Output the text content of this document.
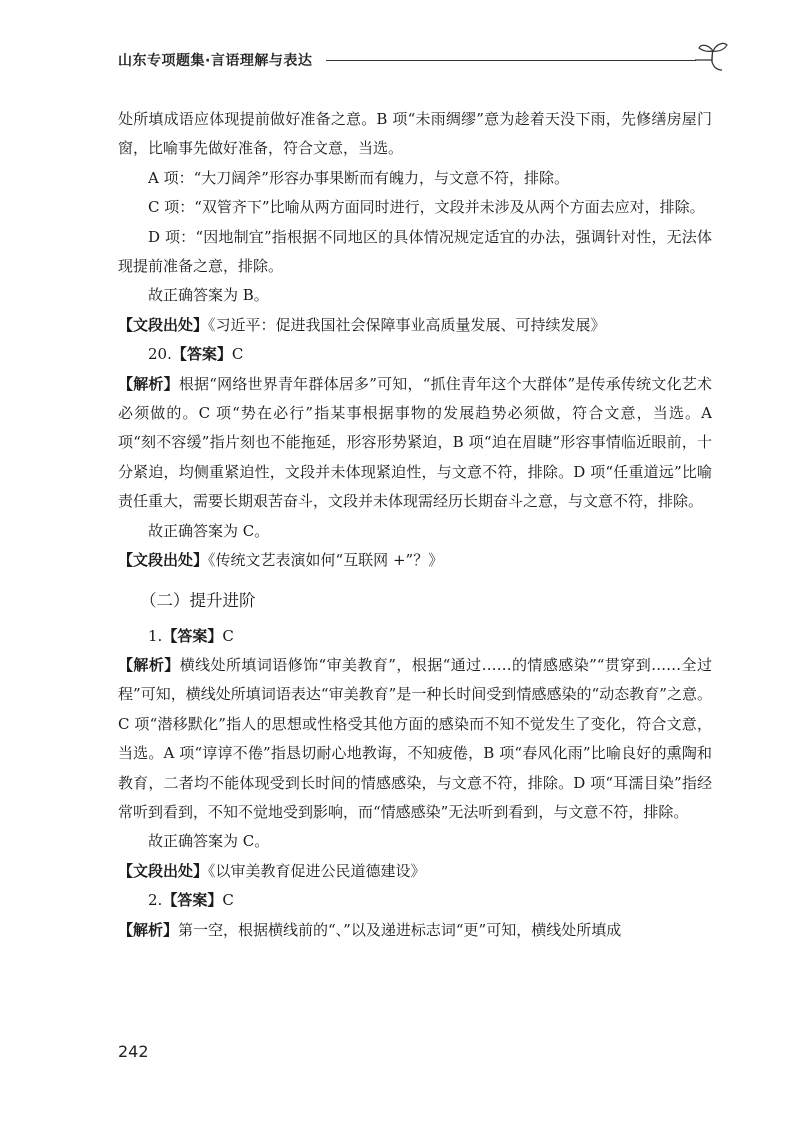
山东专项题集·言语理解与表达

处所填成语应体现提前做好准备之意。B 项“未雨绸缪”意为趁着天没下雨，先修缮房屋门窗，比喻事先做好准备，符合文意，当选。

A 项：“大刀阔斧”形容办事果断而有魄力，与文意不符，排除。

C 项：“双管齐下”比喻从两方面同时进行，文段并未涉及从两个方面去应对，排除。

D 项：“因地制宜”指根据不同地区的具体情况规定适宜的办法，强调针对性，无法体现提前准备之意，排除。

故正确答案为 B。

【文段出处】《习近平：促进我国社会保障事业高质量发展、可持续发展》

20.【答案】C

【解析】根据“网络世界青年群体居多”可知，“抓住青年这个大群体”是传承传统文化艺术必须做的。C 项“势在必行”指某事根据事物的发展趋势必须做，符合文意，当选。A 项“刻不容缓”指片刻也不能拖延，形容形势紧迫，B 项“迫在眉睫”形容事情临近眼前，十分紧迫，均侧重紧迫性，文段并未体现紧迫性，与文意不符，排除。D 项“任重道远”比喻责任重大，需要长期艰苦奋斗，文段并未体现需经历长期奋斗之意，与文意不符，排除。

故正确答案为 C。

【文段出处】《传统文艺表演如何“互联网 +”？》

（二）提升进阶

1.【答案】C

【解析】横线处所填词语修饰“审美教育”，根据“通过……的情感感染”“贯穿到……全过程”可知，横线处所填词语表达“审美教育”是一种长时间受到情感感染的“动态教育”之意。C 项“潜移默化”指人的思想或性格受其他方面的感染而不知不觉发生了变化，符合文意，当选。A 项“谆谆不倦”指恳切耐心地教诲，不知疲倦，B 项“春风化雨”比喻良好的熏陶和教育，二者均不能体现受到长时间的情感感染，与文意不符，排除。D 项“耳濡目染”指经常听到看到，不知不觉地受到影响，而“情感感染”无法听到看到，与文意不符，排除。

故正确答案为 C。

【文段出处】《以审美教育促进公民道德建设》

2.【答案】C

【解析】第一空，根据横线前的“、”以及递进标志词“更”可知，横线处所填成

242
